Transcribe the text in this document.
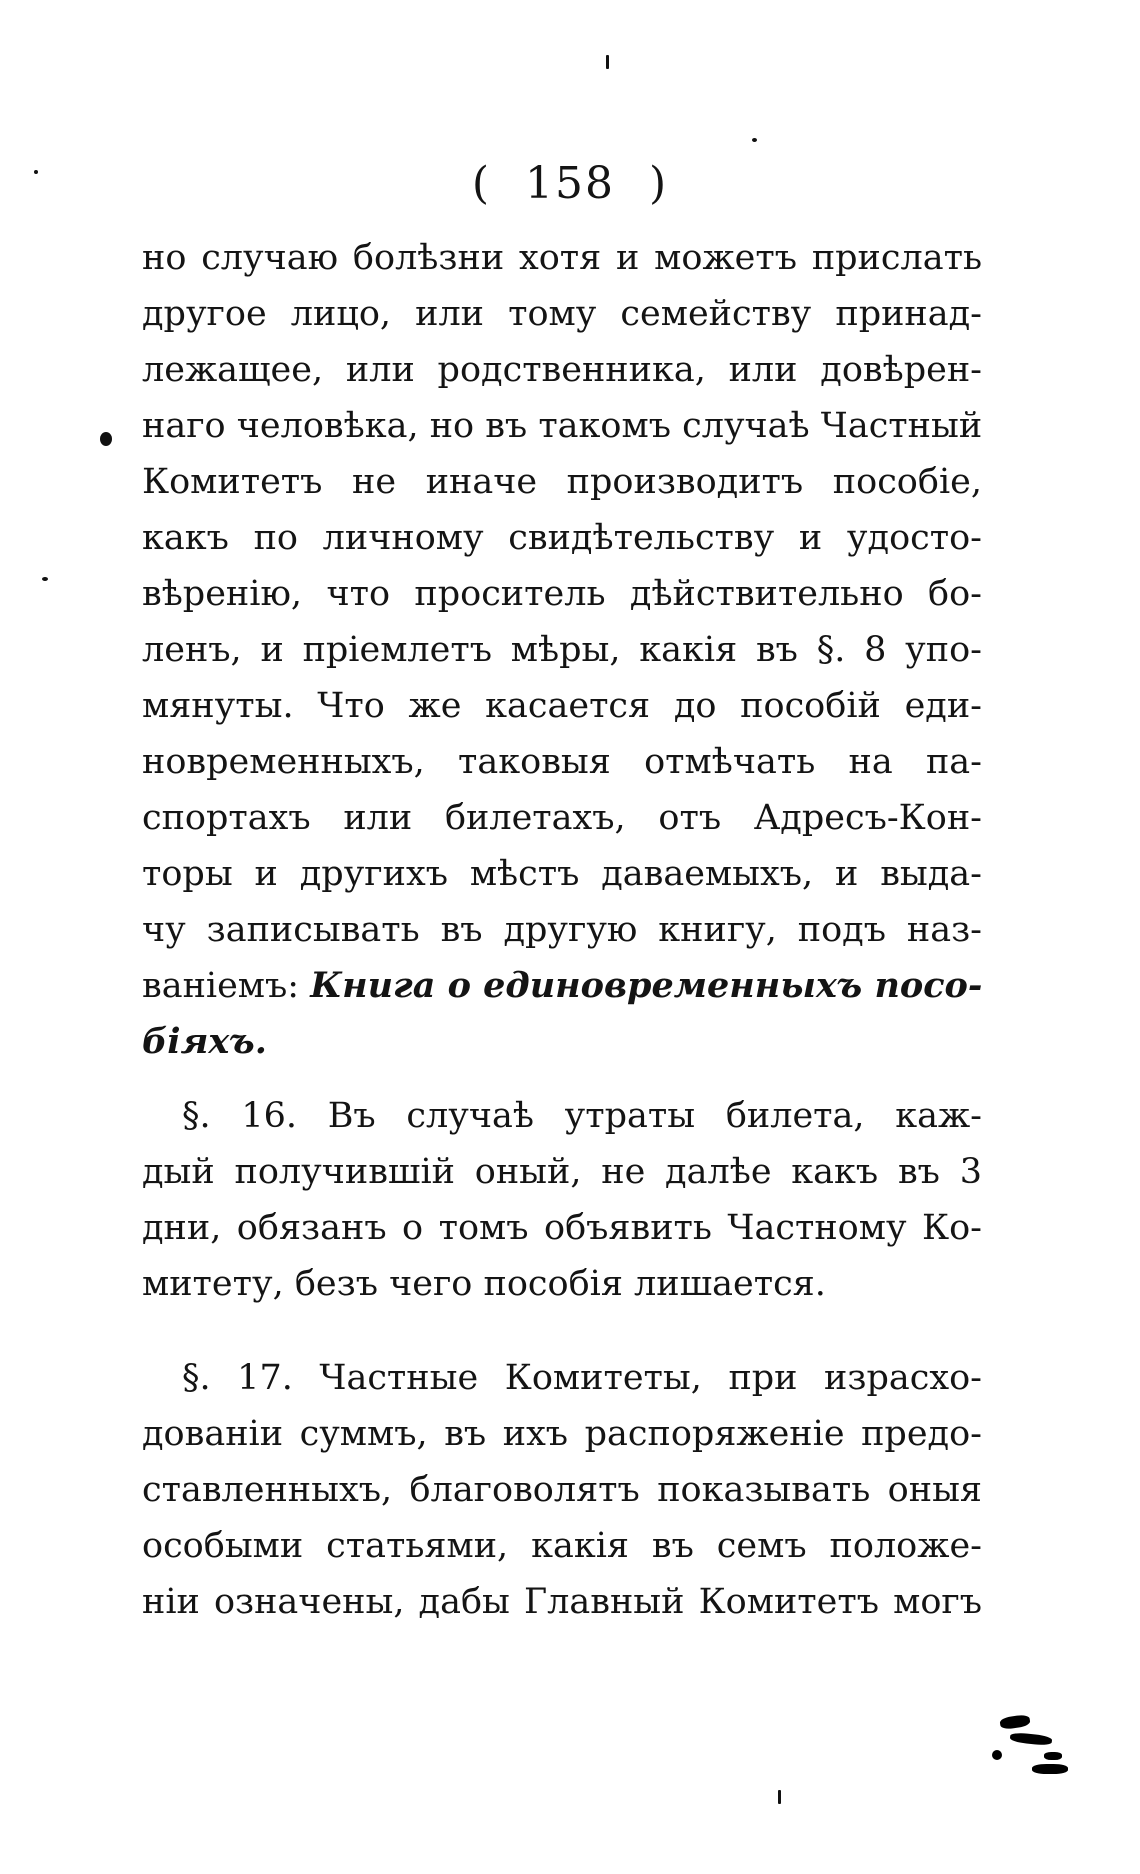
( 158 )
но случаю болѣзни хотя и можетъ прислать
другое лицо, или тому семейству принад-
лежащее, или родственника, или довѣрен-
наго человѣка, но въ такомъ случаѣ Частный
Комитетъ не иначе производитъ пособіе,
какъ по личному свидѣтельству и удосто-
вѣренію, что проситель дѣйствительно бо-
ленъ, и пріемлетъ мѣры, какія въ §. 8 упо-
мянуты. Что же касается до пособій еди-
новременныхъ, таковыя отмѣчать на па-
спортахъ или билетахъ, отъ Адресъ-Кон-
торы и другихъ мѣстъ даваемыхъ, и выда-
чу записывать въ другую книгу, подъ наз-
ваніемъ: Книга о единовременныхъ посо-
біяхъ.
§. 16. Въ случаѣ утраты билета, каж-
дый получившій оный, не далѣе какъ въ 3
дни, обязанъ о томъ объявить Частному Ко-
митету, безъ чего пособія лишается.
§. 17. Частные Комитеты, при израсхо-
дованіи суммъ, въ ихъ распоряженіе предо-
ставленныхъ, благоволятъ показывать оныя
особыми статьями, какія въ семъ положе-
ніи означены, дабы Главный Комитетъ могъ
